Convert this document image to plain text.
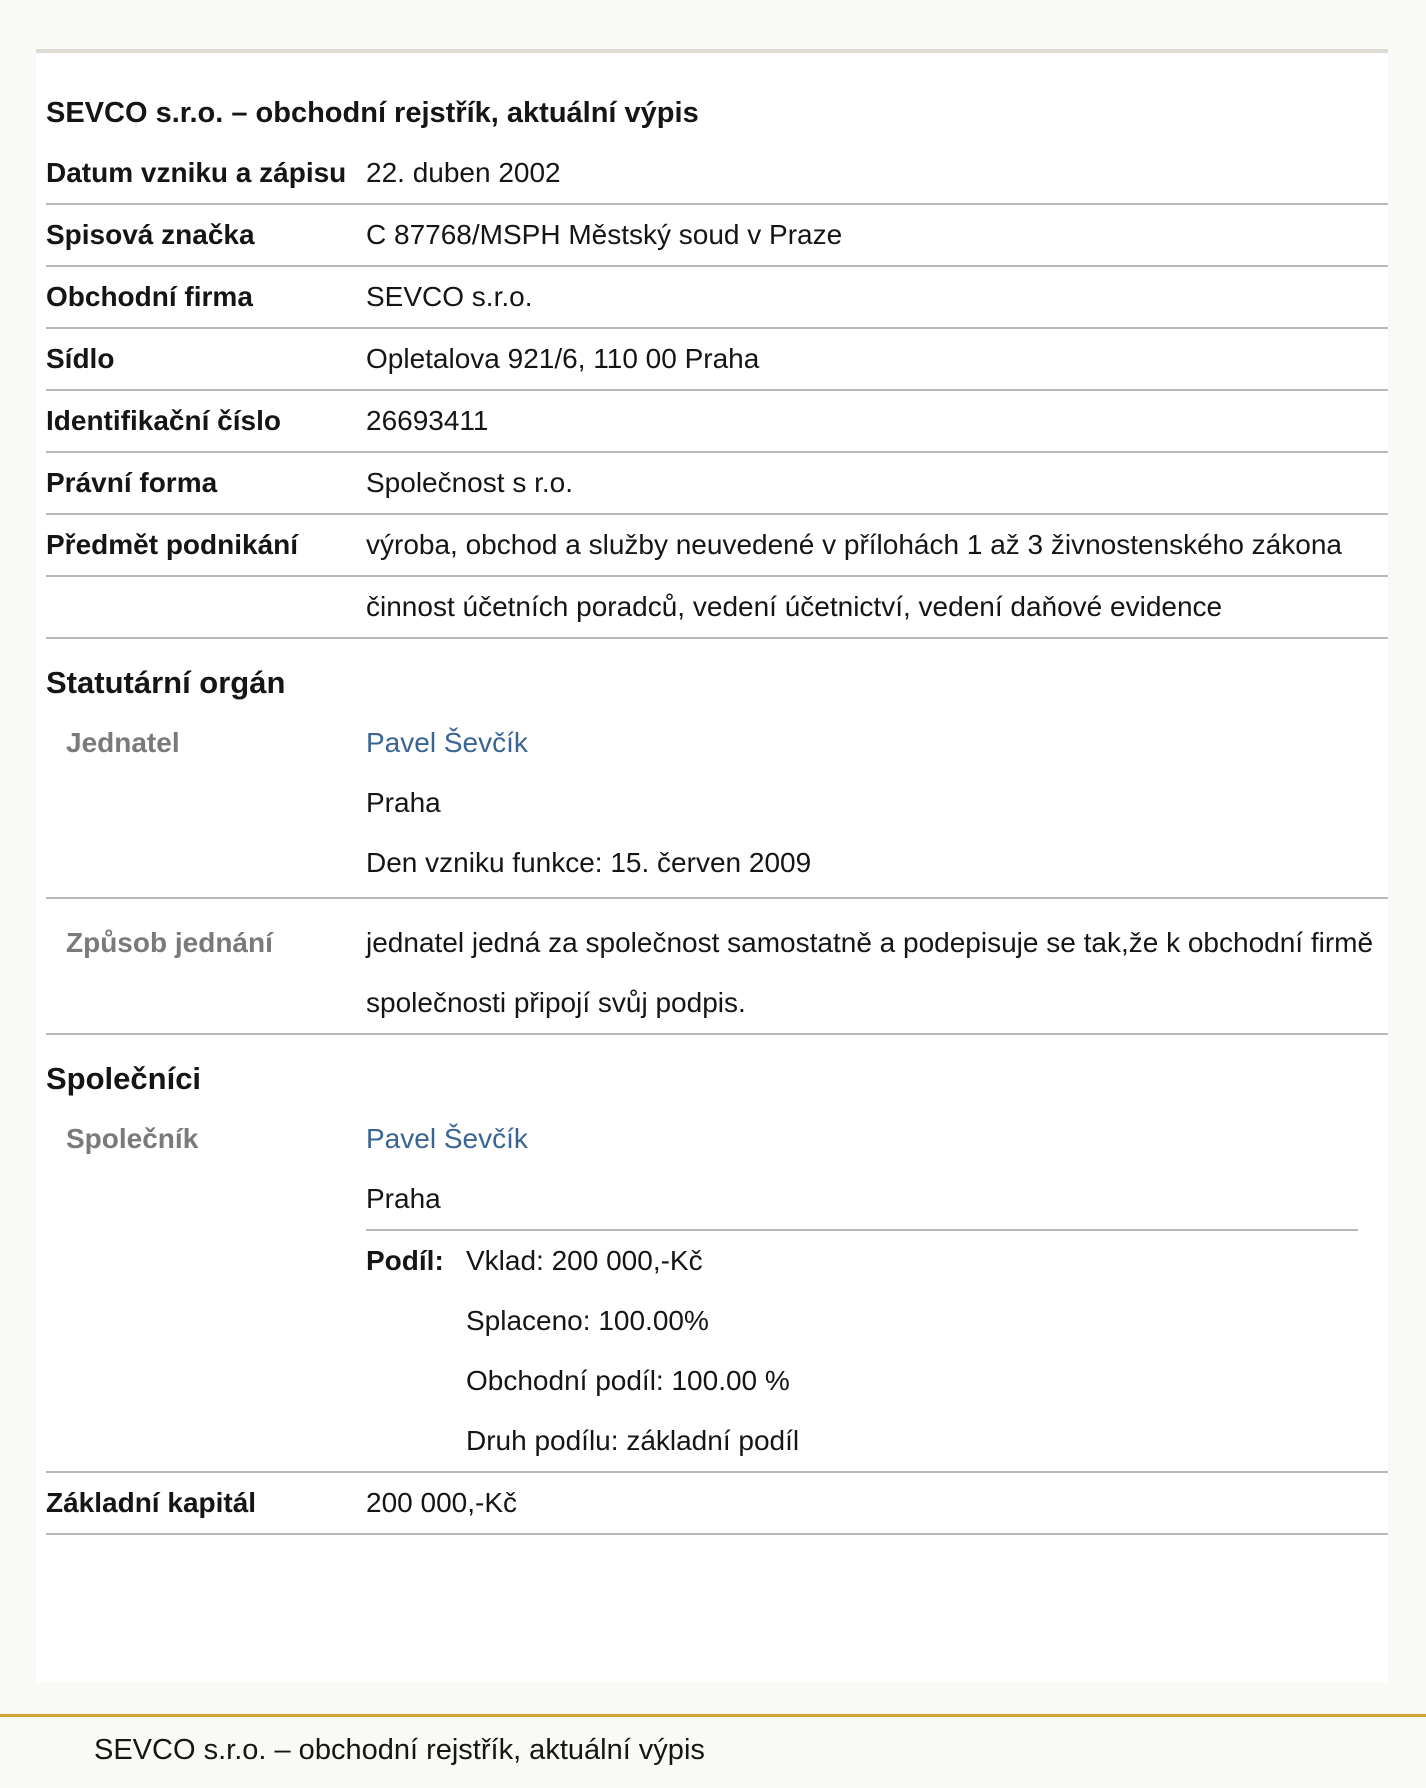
SEVCO s.r.o. – obchodní rejstřík, aktuální výpis
Datum vzniku a zápisu 22. duben 2002
Spisová značka	C 87768/MSPH Městský soud v Praze
Obchodní firma	SEVCO s.r.o.
Sídlo	Opletalova 921/6, 110 00 Praha
Identifikační číslo	26693411
Právní forma	Společnost s r.o.
Předmět podnikání	výroba, obchod a služby neuvedené v přílohách 1 až 3 živnostenského zákona
činnost účetních poradců, vedení účetnictví, vedení daňové evidence
Statutární orgán
Jednatel	Pavel Ševčík
Praha
Den vzniku funkce: 15. červen 2009
Způsob jednání	jednatel jedná za společnost samostatně a podepisuje se tak,že k obchodní firmě společnosti připojí svůj podpis.
Společníci
Společník	Pavel Ševčík
Praha
Podíl: Vklad: 200 000,-Kč
Splaceno: 100.00%
Obchodní podíl: 100.00 %
Druh podílu: základní podíl
Základní kapitál	200 000,-Kč
SEVCO s.r.o. – obchodní rejstřík, aktuální výpis
